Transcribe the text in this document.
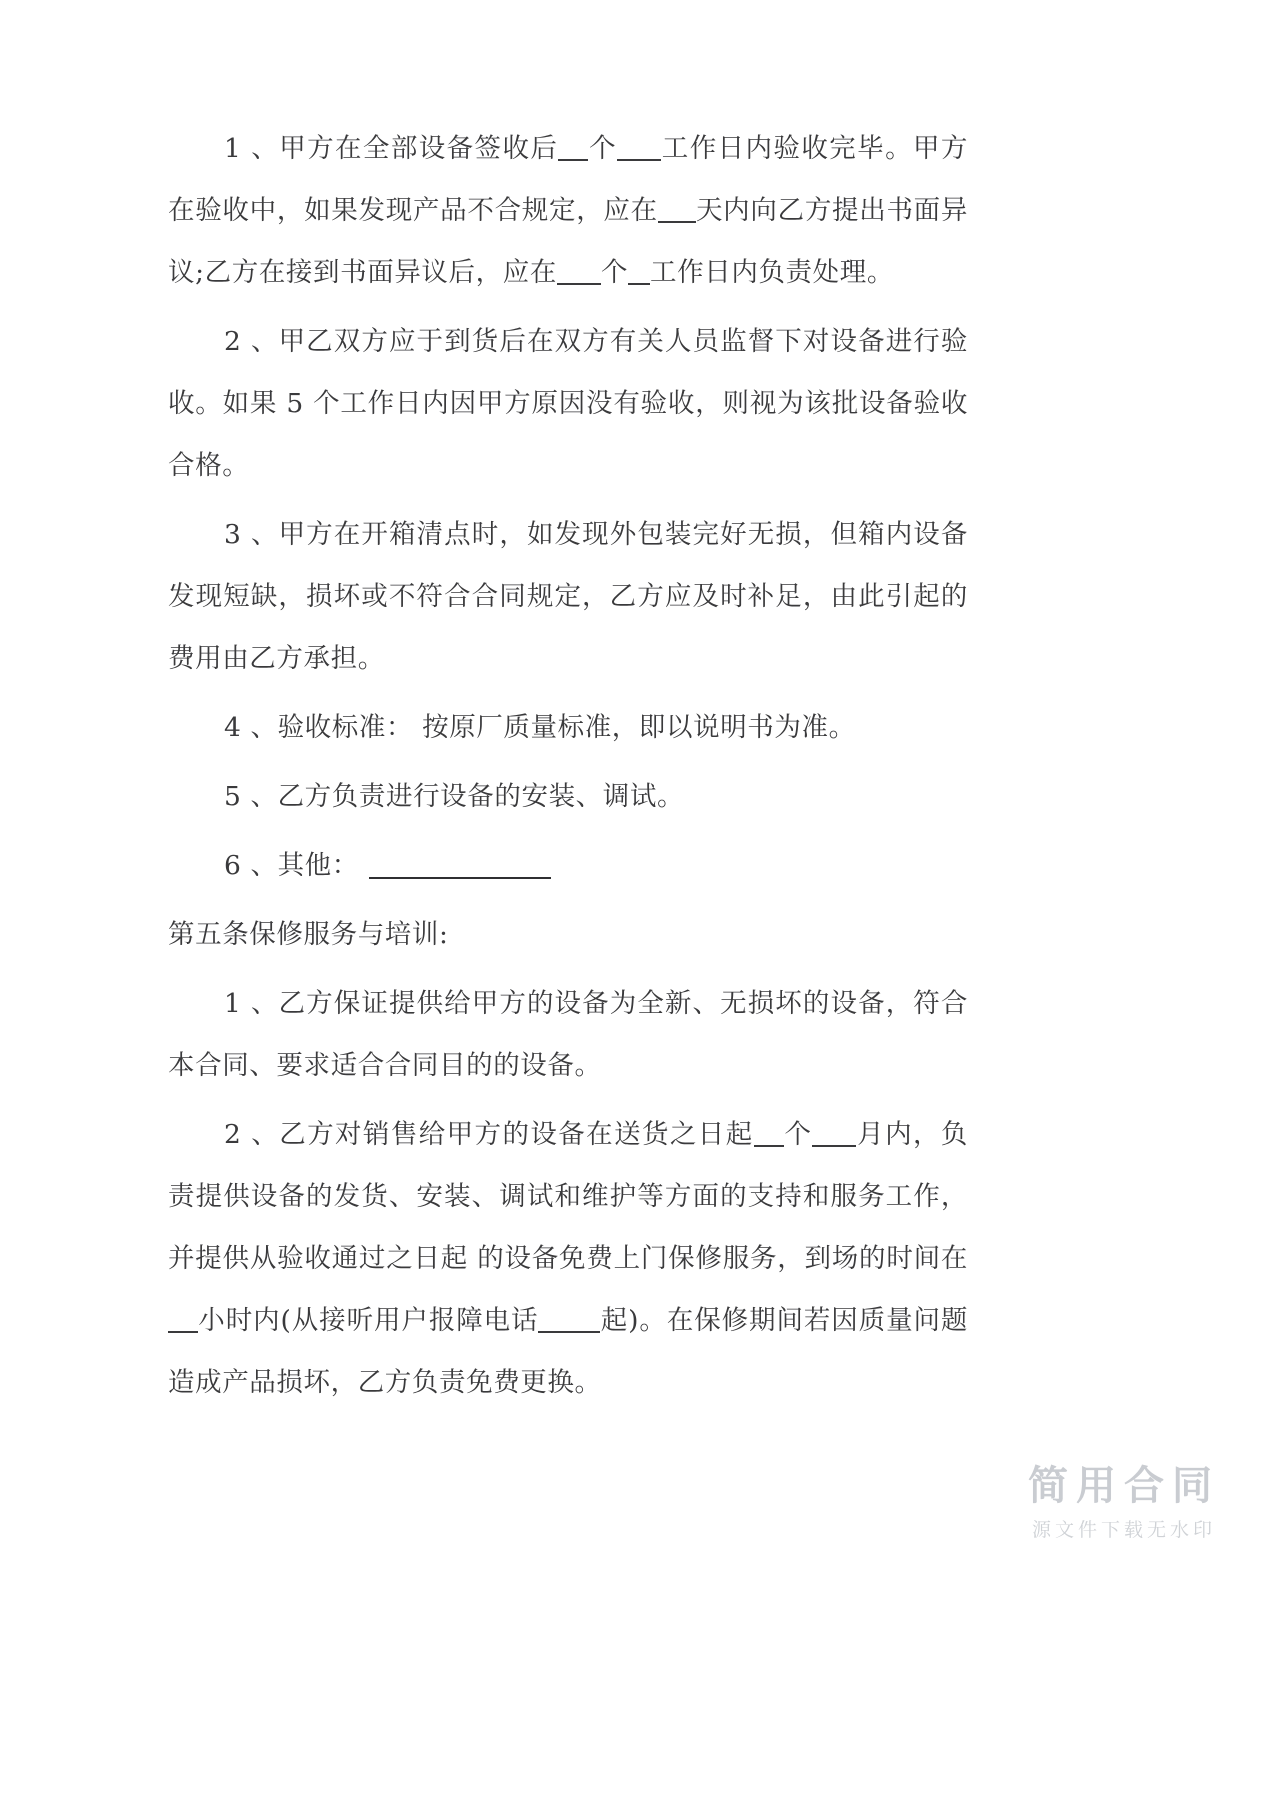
1 、甲方在全部设备签收后 个 工作日内验收完毕。甲方在验收中，如果发现产品不合规定，应在 天内向乙方提出书面异议;乙方在接到书面异议后，应在 个 工作日内负责处理。

2 、甲乙双方应于到货后在双方有关人员监督下对设备进行验收。如果 5 个工作日内因甲方原因没有验收，则视为该批设备验收合格。

3 、甲方在开箱清点时，如发现外包装完好无损，但箱内设备发现短缺，损坏或不符合合同规定，乙方应及时补足，由此引起的费用由乙方承担。

4 、验收标准： 按原厂质量标准，即以说明书为准。

5 、乙方负责进行设备的安装、调试。

6 、其他：

第五条保修服务与培训:

1 、乙方保证提供给甲方的设备为全新、无损坏的设备，符合本合同、要求适合合同目的的设备。

2 、乙方对销售给甲方的设备在送货之日起 个 月内，负责提供设备的发货、安装、调试和维护等方面的支持和服务工作，并提供从验收通过之日起 的设备免费上门保修服务，到场的时间在小时内(从接听用户报障电话 起)。在保修期间若因质量问题造成产品损坏，乙方负责免费更换。

简用合同
源文件下载无水印
